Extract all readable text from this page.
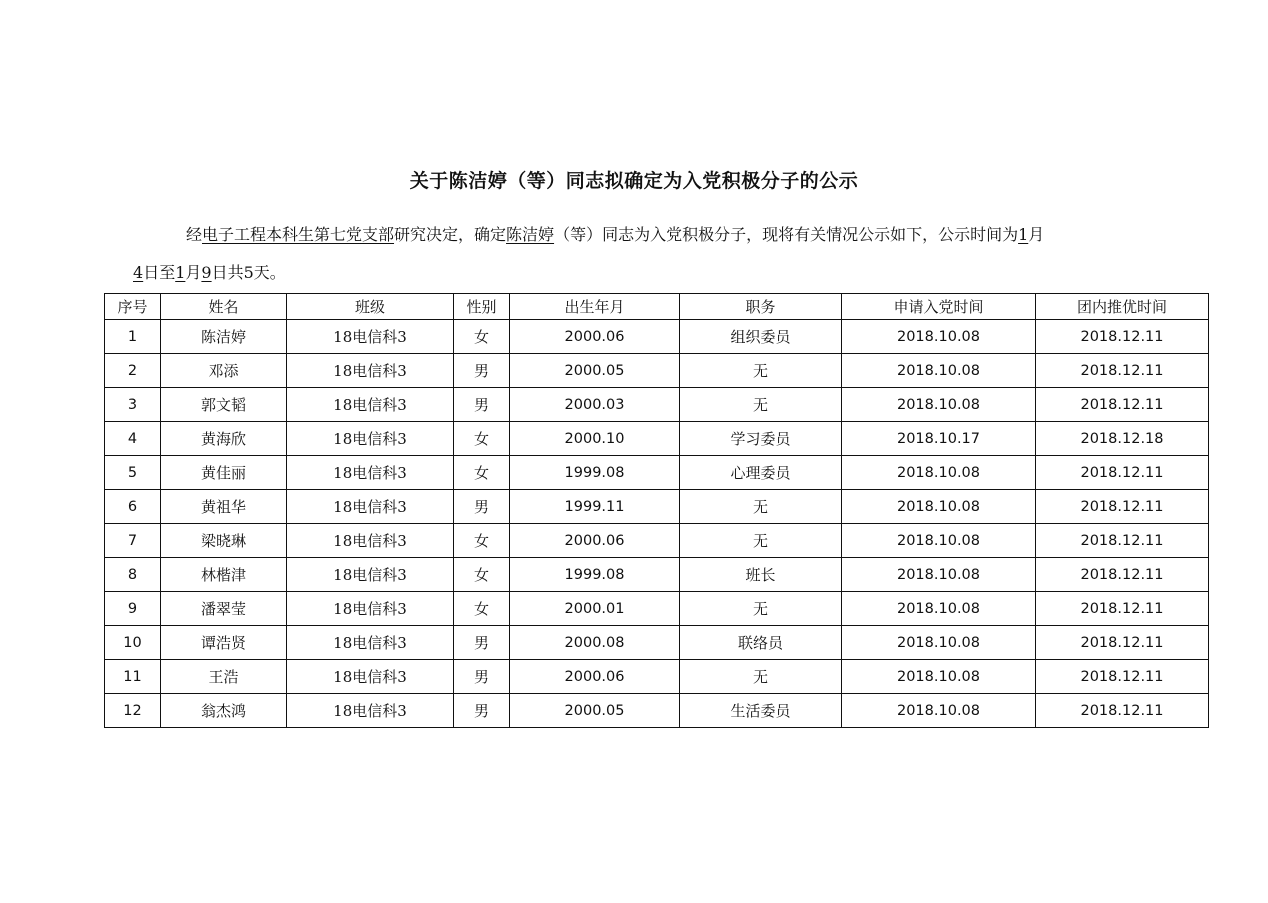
关于陈洁婷（等）同志拟确定为入党积极分子的公示
经电子工程本科生第七党支部研究决定，确定陈洁婷（等）同志为入党积极分子，现将有关情况公示如下，公示时间为1月
4日至1月9日共5天。
序号	姓名	班级	性别	出生年月	职务	申请入党时间	团内推优时间
1	陈洁婷	18电信科3	女	2000.06	组织委员	2018.10.08	2018.12.11
2	邓添	18电信科3	男	2000.05	无	2018.10.08	2018.12.11
3	郭文韬	18电信科3	男	2000.03	无	2018.10.08	2018.12.11
4	黄海欣	18电信科3	女	2000.10	学习委员	2018.10.17	2018.12.18
5	黄佳丽	18电信科3	女	1999.08	心理委员	2018.10.08	2018.12.11
6	黄祖华	18电信科3	男	1999.11	无	2018.10.08	2018.12.11
7	梁晓琳	18电信科3	女	2000.06	无	2018.10.08	2018.12.11
8	林楷津	18电信科3	女	1999.08	班长	2018.10.08	2018.12.11
9	潘翠莹	18电信科3	女	2000.01	无	2018.10.08	2018.12.11
10	谭浩贤	18电信科3	男	2000.08	联络员	2018.10.08	2018.12.11
11	王浩	18电信科3	男	2000.06	无	2018.10.08	2018.12.11
12	翁杰鸿	18电信科3	男	2000.05	生活委员	2018.10.08	2018.12.11
